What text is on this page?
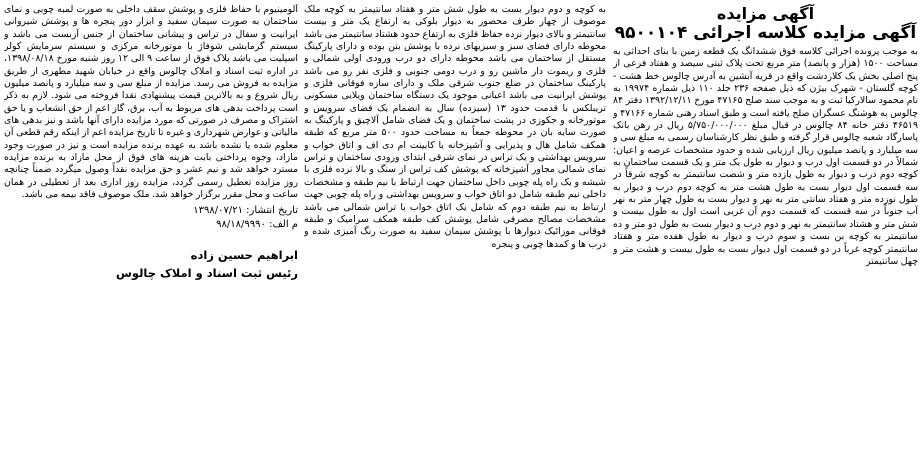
آگهی مزایده

آگهی مزایده کلاسه اجرائی ۹۵۰۰۱۰۴

به موجب پرونده اجرائی کلاسه فوق ششدانگ یک قطعه زمین با بنای احداثی به مساحت ۱۵۰۰ (هزار و پانصد) متر مربع تحت پلاک ثبتی سیصد و هفتاد فرعی از پنج اصلی بخش یک کلاردشت واقع در قریه آبشین به آدرس چالوس خط هشت - کوچه گلستان - شهرک بیژن که ذیل صفحه ۲۳۶ جلد ۱۱۰ ذیل شماره ۱۹۹۷۴ به نام محمود سالارکیا ثبت و به موجب سند صلح ۴۷۱۶۵ مورخ ۱۳۹۲/۱۲/۱۱ دفتر ۸۴ چالوس به هوشنگ عسگران صلح یافته است و طبق اسناد رهنی شماره ۴۷۱۶۶ و ۴۶۵۱۹ دفتر خانه ۸۴ چالوس در قبال مبلغ ۵/۷۵۰/۰۰۰/۰۰۰ ریال در رهن بانک پاسارگاد شعبه چالوس قرار گرفته و طبق نظر کارشناسان رسمی به مبلغ سی و سه میلیارد و پانصد میلیون ریال ارزیابی شده و حدود مشخصات عرصه و اعیان: شمالاً در دو قسمت اول درب و دیوار به طول یک متر و یک قسمت ساختمان به کوچه دوم درب و دیوار به طول یازده متر و شصت سانتیمتر به کوچه شرقاً در سه قسمت اول دیوار بست به طول هشت متر به کوچه دوم درب و دیوار به طول نوزده متر و هفتاد سانتی متر به نهر و دیوار بست به طول چهار متر به نهر آب جنوباً در سه قسمت که قسمت دوم آن غربی است اول به طول بیست و شش متر و هشتاد سانتیمتر به نهر و دوم درب و دیوار بست به طول دو متر و ده سانتیمتر به کوچه بن بست و سوم درب و دیوار به طول هفده متر و هفتاد سانتیمتر کوچه غرباً در دو قسمت اول دیوار بست به طول بیست و هشت متر و چهل سانتیمتر

به کوچه و دوم دیوار بست به طول شش متر و هفتاد سانتیمتر به کوچه ملک موصوف از چهار طرف محصور به دیوار بلوکی به ارتفاع یک متر و بیست سانتیمتر و بالای دیوار نرده حفاظ فلزی به ارتفاع حدود هشتاد سانتیمتر می باشد محوطه دارای فضای سبز و سبزیهای نرده با پوشش بتن بوده و دارای پارکینگ مستقل از ساختمان می باشد محوطه دارای دو درب ورودی اولی شمالی و فلزی و ریموت دار ماشین رو و درب دومی جنوبی و فلزی نفر رو می باشد پارکینگ ساختمان در ضلع جنوب شرقی ملک و دارای سازه فوقانی فلزی و پوشش ایرانیت می باشد اعیانی موجود یک دستگاه ساختمان ویلایی مسکونی تریبلکس با قدمت حدود ۱۳ (سیزده) سال به انضمام یک فضای سرویس و موتورخانه و جکوزی در پشت ساختمان و یک فضای شامل آلاچیق و پارکینگ به صورت سایه بان در محوطه جمعاً به مساحت حدود ۵۰۰ متر مربع که طبقه همکف شامل هال و پذیرایی و آشپزخانه با کابینت ام دی اف و اتاق خواب و سرویس بهداشتی و یک تراس در نمای شرقی ابتدای ورودی ساختمان و تراس نمای شمالی مجاور آشپزخانه که پوشش کف تراس از سنگ و بالا نرده فلزی با شیشه و یک راه پله چوبی داخل ساختمان جهت ارتباط با نیم طبقه و مشخصات داخلی نیم طبقه شامل دو اتاق خواب و سرویس بهداشتی و راه پله چوبی جهت ارتباط به نیم طبقه دوم که شامل یک اتاق خواب با تراس شمالی می باشد مشخصات مصالح مصرفی شامل پوشش کف طبقه همکف سرامیک و طبقه فوقانی موزائیک دیوارها با پوشش سیمان سفید به صورت رنگ آمیزی شده و درب ها و کمدها چوبی و پنجره

آلومینیوم با حفاظ فلزی و پوشش سقف داخلی به صورت لمبه چوبی و نمای ساختمان به صورت سیمان سفید و ابزار دور پنجره ها و پوشش شیروانی ایرانیت و سفال در تراس و پیشانی ساختمان از جنس آزبست می باشد و سیستم گرمایشی شوفاژ با موتورخانه مرکزی و سیستم سرمایش کولر اسپلیت می باشد پلاک فوق از ساعت ۹ الی ۱۲ روز شنبه مورخ ۱۳۹۸/۰۸/۱۸، در اداره ثبت اسناد و املاک چالوس واقع در خیابان شهید مطهری از طریق مزایده به فروش می رسد. مزایده از مبلغ سی و سه میلیارد و پانصد میلیون ریال شروع و به بالاترین قیمت پیشنهادی نقدا فروخته می شود. لازم به ذکر است پرداخت بدهی های مربوط به آب، برق، گاز اعم از حق انشعاب و یا حق اشتراک و مصرف در صورتی که مورد مزایده دارای آنها باشد و نیز بدهی های مالیاتی و عوارض شهرداری و غیره تا تاریخ مزایده اعم از اینکه رقم قطعی آن معلوم شده یا نشده باشد به عهده برنده مزایده است و نیز در صورت وجود مازاد، وجوه پرداختی بابت هزینه های فوق از محل مازاد به برنده مزایده مسترد خواهد شد و نیم عشر و حق مزایده نقداً وصول میگردد ضمناً چنانچه روز مزایده تعطیل رسمی گردد، مزایده روز اداری بعد از تعطیلی در همان ساعت و محل مقرر برگزار خواهد شد. ملک موصوف فاقد بیمه می باشد.

تاریخ انتشار: ۱۳۹۸/۰۷/۲۱
م الف: ۹۸/۱۸/۹۹۹۰
ابراهیم حسین زاده
رئیس ثبت اسناد و املاک چالوس
